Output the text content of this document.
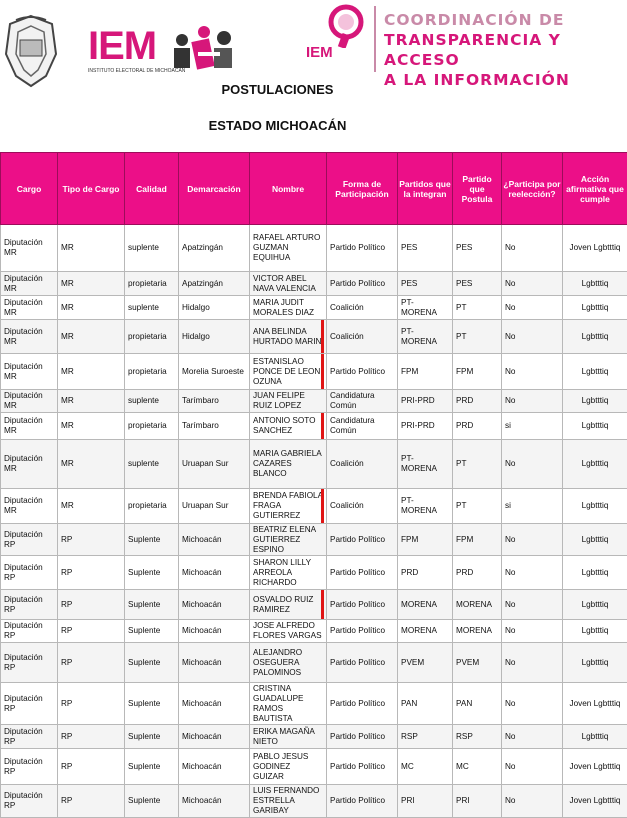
IEM
INSTITUTO ELECTORAL DE MICHOACÁN
IEM
COORDINACIÓN DE
TRANSPARENCIA Y ACCESO
A LA INFORMACIÓN
POSTULACIONES
ESTADO MICHOACÁN
Cargo	Tipo de Cargo	Calidad	Demarcación	Nombre	Forma de Participación	Partidos que la integran	Partido que Postula	¿Participa por reelección?	Acción afirmativa que cumple
Diputación MR	MR	suplente	Apatzingán	RAFAEL ARTURO GUZMAN EQUIHUA	Partido Político	PES	PES	No	Joven Lgbtttiq
Diputación MR	MR	propietaria	Apatzingán	VICTOR ABEL NAVA VALENCIA	Partido Político	PES	PES	No	Lgbtttiq
Diputación MR	MR	suplente	Hidalgo	MARIA JUDIT MORALES DIAZ	Coalición	PT-MORENA	PT	No	Lgbtttiq
Diputación MR	MR	propietaria	Hidalgo	ANA BELINDA HURTADO MARIN	Coalición	PT-MORENA	PT	No	Lgbtttiq
Diputación MR	MR	propietaria	Morelia Suroeste	ESTANISLAO PONCE DE LEON OZUNA	Partido Político	FPM	FPM	No	Lgbtttiq
Diputación MR	MR	suplente	Tarímbaro	JUAN FELIPE RUIZ LOPEZ	Candidatura Común	PRI-PRD	PRD	No	Lgbtttiq
Diputación MR	MR	propietaria	Tarímbaro	ANTONIO SOTO SANCHEZ	Candidatura Común	PRI-PRD	PRD	si	Lgbtttiq
Diputación MR	MR	suplente	Uruapan Sur	MARIA GABRIELA CAZARES BLANCO	Coalición	PT-MORENA	PT	No	Lgbtttiq
Diputación MR	MR	propietaria	Uruapan Sur	BRENDA FABIOLA FRAGA GUTIERREZ	Coalición	PT-MORENA	PT	si	Lgbtttiq
Diputación RP	RP	Suplente	Michoacán	BEATRIZ ELENA GUTIERREZ ESPINO	Partido Político	FPM	FPM	No	Lgbtttiq
Diputación RP	RP	Suplente	Michoacán	SHARON LILLY ARREOLA RICHARDO	Partido Político	PRD	PRD	No	Lgbtttiq
Diputación RP	RP	Suplente	Michoacán	OSVALDO RUIZ RAMIREZ	Partido Político	MORENA	MORENA	No	Lgbtttiq
Diputación RP	RP	Suplente	Michoacán	JOSE ALFREDO FLORES VARGAS	Partido Político	MORENA	MORENA	No	Lgbtttiq
Diputación RP	RP	Suplente	Michoacán	ALEJANDRO OSEGUERA PALOMINOS	Partido Político	PVEM	PVEM	No	Lgbtttiq
Diputación RP	RP	Suplente	Michoacán	CRISTINA GUADALUPE RAMOS BAUTISTA	Partido Político	PAN	PAN	No	Joven Lgbtttiq
Diputación RP	RP	Suplente	Michoacán	ERIKA MAGAÑA NIETO	Partido Político	RSP	RSP	No	Lgbtttiq
Diputación RP	RP	Suplente	Michoacán	PABLO JESUS GODINEZ GUIZAR	Partido Político	MC	MC	No	Joven Lgbtttiq
Diputación RP	RP	Suplente	Michoacán	LUIS FERNANDO ESTRELLA GARIBAY	Partido Político	PRI	PRI	No	Joven Lgbtttiq
